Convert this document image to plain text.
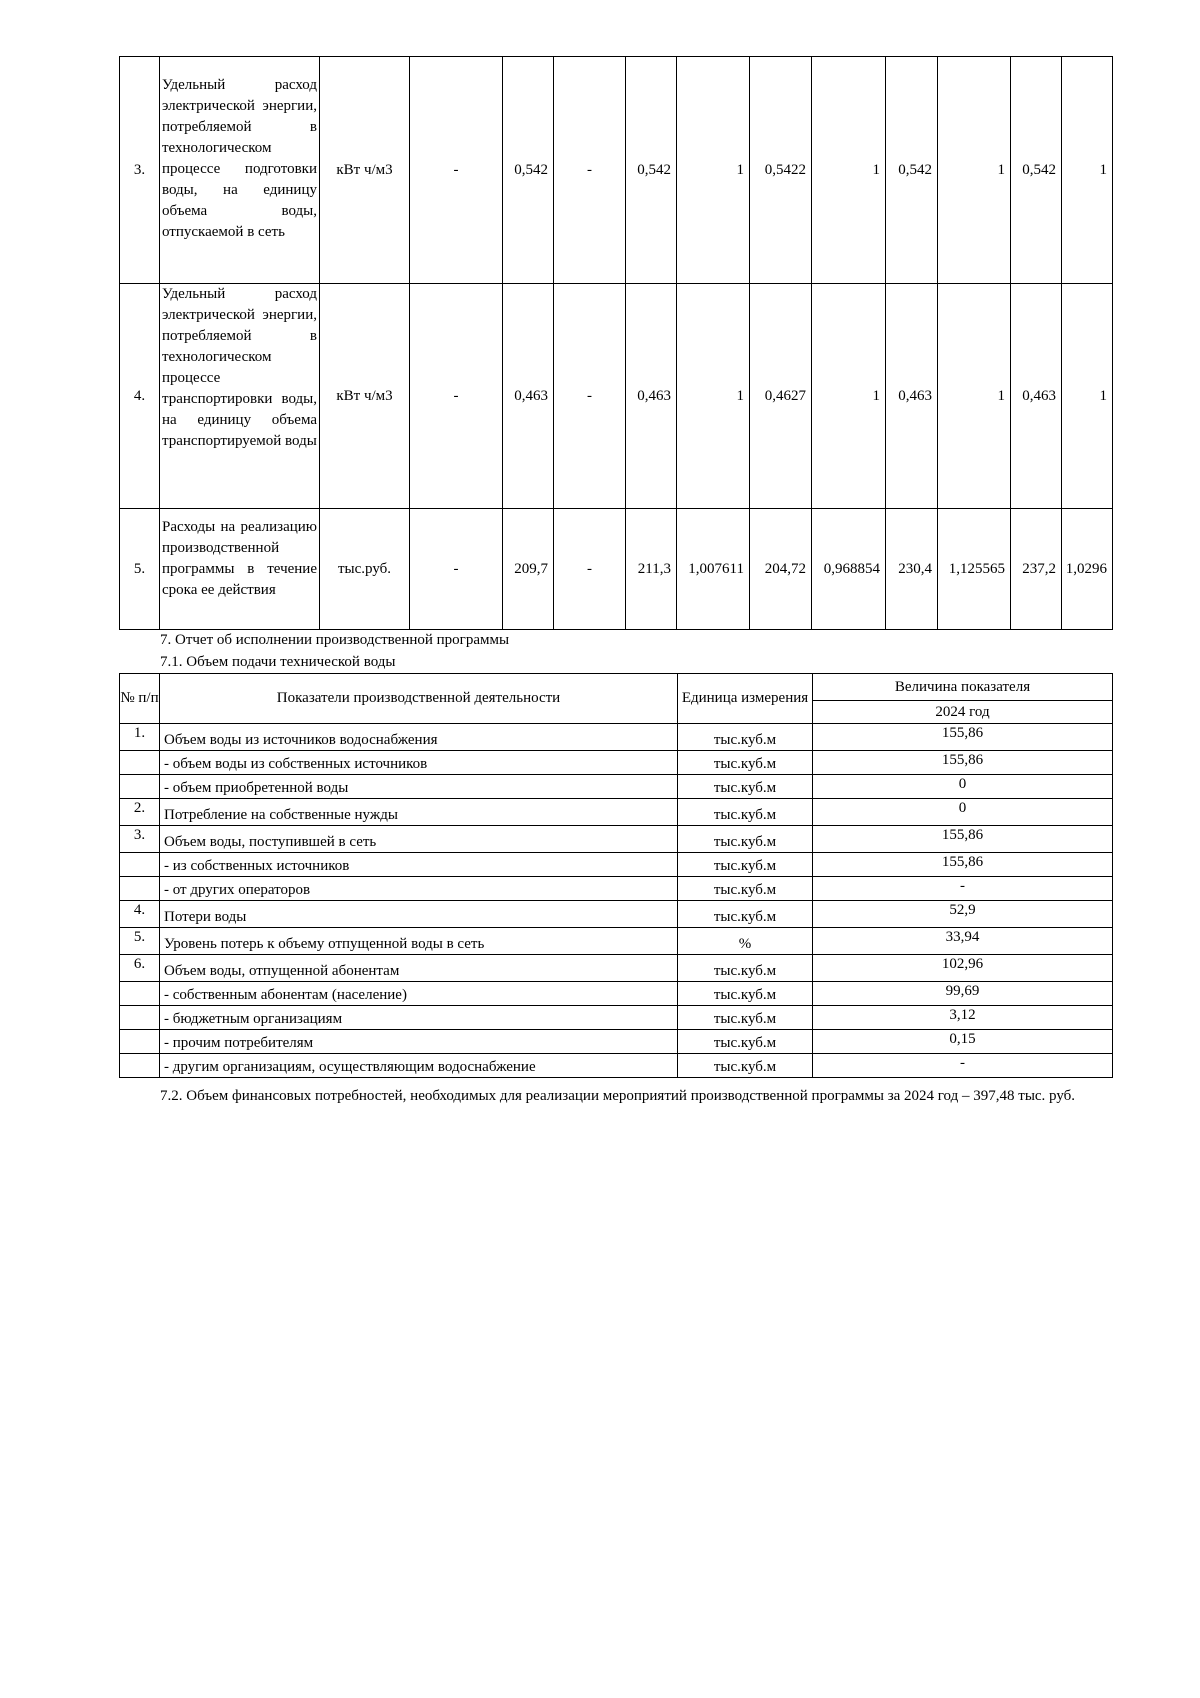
3.	Удельный расход электрической энергии, потребляемой в технологическом процессе подготовки воды, на единицу объема воды, отпускаемой в сеть	кВт ч/м3	-	0,542	-	0,542	1	0,5422	1	0,542	1	0,542	1
4.	Удельный расход электрической энергии, потребляемой в технологическом процессе транспортировки воды, на единицу объема транспортируемой воды	кВт ч/м3	-	0,463	-	0,463	1	0,4627	1	0,463	1	0,463	1
5.	Расходы на реализацию производственной программы в течение срока ее действия	тыс.руб.	-	209,7	-	211,3	1,007611	204,72	0,968854	230,4	1,125565	237,2	1,0296
7. Отчет об исполнении производственной программы
7.1. Объем подачи технической воды
№ п/п	Показатели производственной деятельности	Единица измерения	Величина показателя
			2024 год
1.	Объем воды из источников водоснабжения	тыс.куб.м	155,86
	- объем воды из собственных источников	тыс.куб.м	155,86
	- объем приобретенной воды	тыс.куб.м	0
2.	Потребление на собственные нужды	тыс.куб.м	0
3.	Объем воды, поступившей в сеть	тыс.куб.м	155,86
	- из собственных источников	тыс.куб.м	155,86
	- от других операторов	тыс.куб.м	-
4.	Потери воды	тыс.куб.м	52,9
5.	Уровень потерь к объему отпущенной воды в сеть	%	33,94
6.	Объем воды, отпущенной абонентам	тыс.куб.м	102,96
	- собственным абонентам (население)	тыс.куб.м	99,69
	- бюджетным организациям	тыс.куб.м	3,12
	- прочим потребителям	тыс.куб.м	0,15
	- другим организациям, осуществляющим водоснабжение	тыс.куб.м	-
7.2. Объем финансовых потребностей, необходимых для реализации мероприятий производственной программы за 2024 год – 397,48 тыс. руб.
